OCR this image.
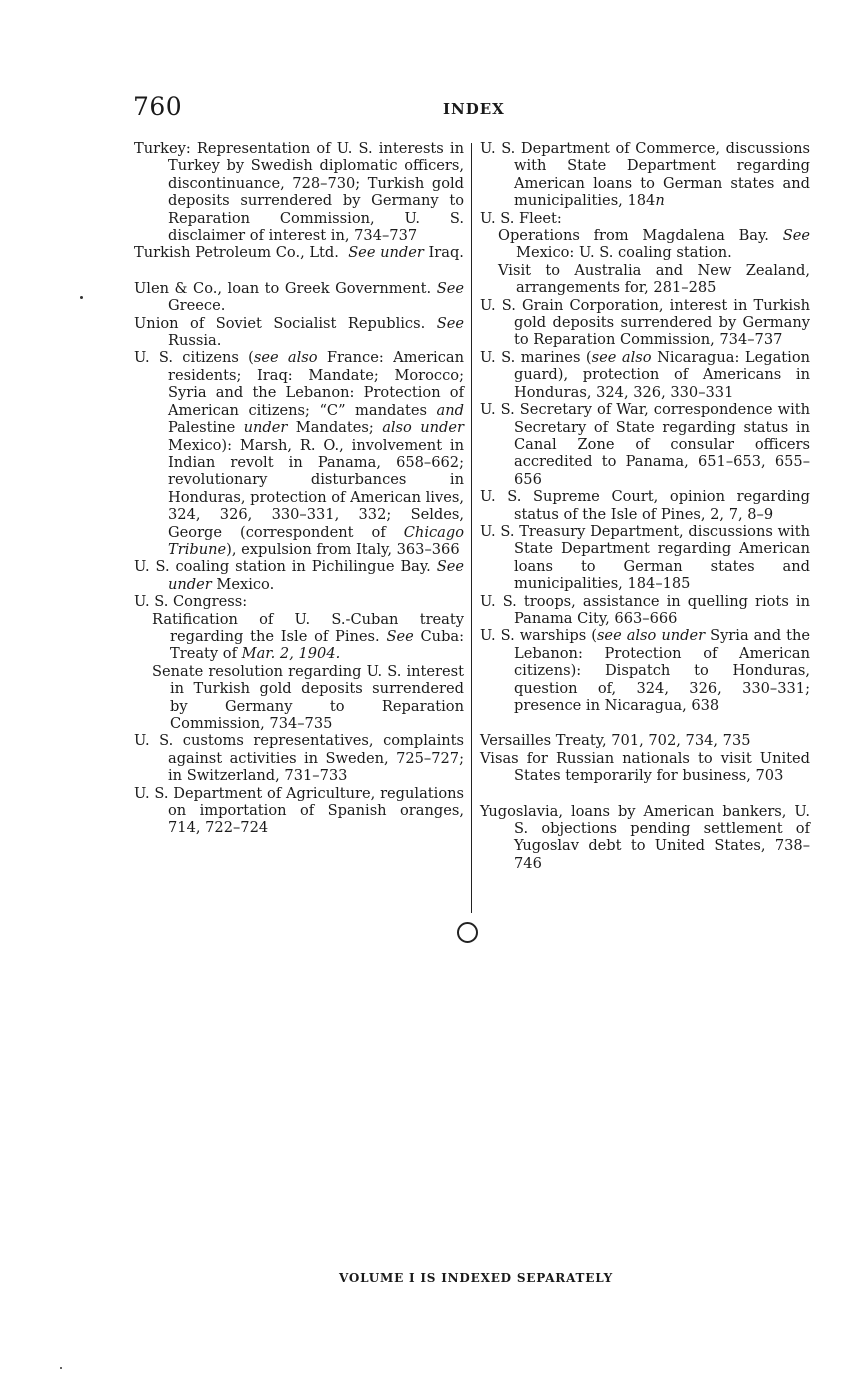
760	INDEX
Turkey: Representation of U. S. interests in Turkey by Swedish diplomatic officers, discontinuance, 728–730; Turkish gold deposits surrendered by Germany to Reparation Commission, U. S. disclaimer of interest in, 734–737
Turkish Petroleum Co., Ltd. See under Iraq.
Ulen & Co., loan to Greek Government. See Greece.
Union of Soviet Socialist Republics. See Russia.
U. S. citizens (see also France: American residents; Iraq: Mandate; Morocco; Syria and the Lebanon: Protection of American citizens; “C” mandates and Palestine under Mandates; also under Mexico): Marsh, R. O., involvement in Indian revolt in Panama, 658–662; revolutionary disturbances in Honduras, protection of American lives, 324, 326, 330–331, 332; Seldes, George (correspondent of Chicago Tribune), expulsion from Italy, 363–366
U. S. coaling station in Pichilingue Bay. See under Mexico.
U. S. Congress:
Ratification of U. S.-Cuban treaty regarding the Isle of Pines. See Cuba: Treaty of Mar. 2, 1904.
Senate resolution regarding U. S. interest in Turkish gold deposits surrendered by Germany to Reparation Commission, 734–735
U. S. customs representatives, complaints against activities in Sweden, 725–727; in Switzerland, 731–733
U. S. Department of Agriculture, regulations on importation of Spanish oranges, 714, 722–724
U. S. Department of Commerce, discussions with State Department regarding American loans to German states and municipalities, 184n
U. S. Fleet:
Operations from Magdalena Bay. See Mexico: U. S. coaling station.
Visit to Australia and New Zealand, arrangements for, 281–285
U. S. Grain Corporation, interest in Turkish gold deposits surrendered by Germany to Reparation Commission, 734–737
U. S. marines (see also Nicaragua: Legation guard), protection of Americans in Honduras, 324, 326, 330–331
U. S. Secretary of War, correspondence with Secretary of State regarding status in Canal Zone of consular officers accredited to Panama, 651–653, 655–656
U. S. Supreme Court, opinion regarding status of the Isle of Pines, 2, 7, 8–9
U. S. Treasury Department, discussions with State Department regarding American loans to German states and municipalities, 184–185
U. S. troops, assistance in quelling riots in Panama City, 663–666
U. S. warships (see also under Syria and the Lebanon: Protection of American citizens): Dispatch to Honduras, question of, 324, 326, 330–331; presence in Nicaragua, 638
Versailles Treaty, 701, 702, 734, 735
Visas for Russian nationals to visit United States temporarily for business, 703
Yugoslavia, loans by American bankers, U. S. objections pending settlement of Yugoslav debt to United States, 738–746
VOLUME I IS INDEXED SEPARATELY
